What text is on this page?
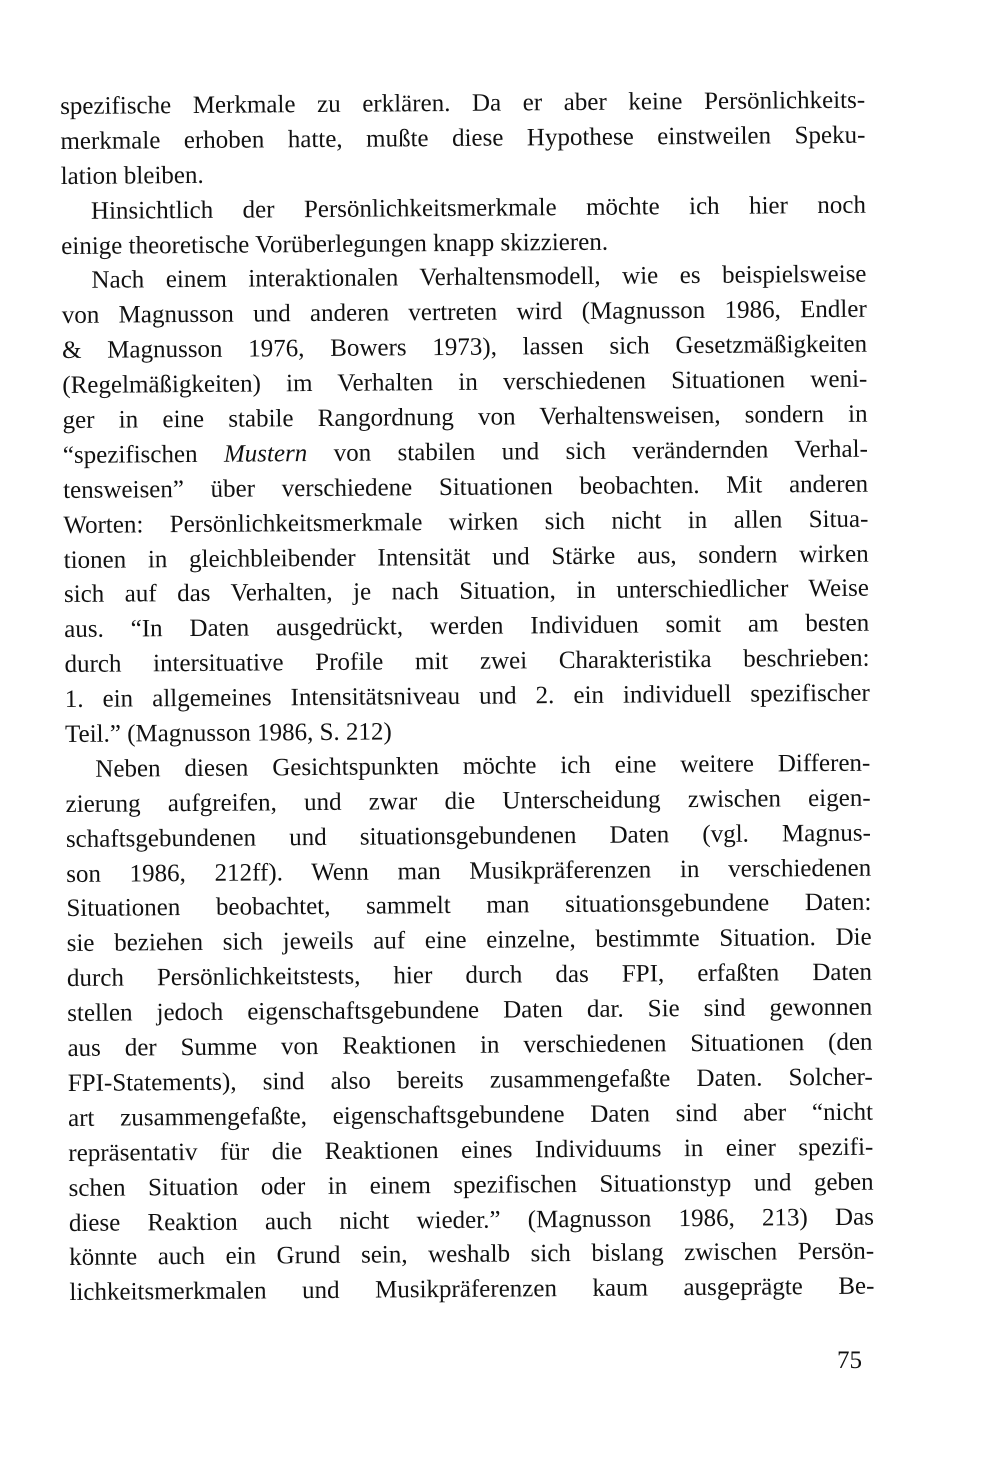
spezifische Merkmale zu erklären. Da er aber keine Persönlichkeits-
merkmale erhoben hatte, mußte diese Hypothese einstweilen Speku-
lation bleiben.
Hinsichtlich der Persönlichkeitsmerkmale möchte ich hier noch
einige theoretische Vorüberlegungen knapp skizzieren.
Nach einem interaktionalen Verhaltensmodell, wie es beispielsweise
von Magnusson und anderen vertreten wird (Magnusson 1986, Endler
& Magnusson 1976, Bowers 1973), lassen sich Gesetzmäßigkeiten
(Regelmäßigkeiten) im Verhalten in verschiedenen Situationen weni-
ger in eine stabile Rangordnung von Verhaltensweisen, sondern in
“spezifischen Mustern von stabilen und sich verändernden Verhal-
tensweisen” über verschiedene Situationen beobachten. Mit anderen
Worten: Persönlichkeitsmerkmale wirken sich nicht in allen Situa-
tionen in gleichbleibender Intensität und Stärke aus, sondern wirken
sich auf das Verhalten, je nach Situation, in unterschiedlicher Weise
aus. “In Daten ausgedrückt, werden Individuen somit am besten
durch intersituative Profile mit zwei Charakteristika beschrieben:
1. ein allgemeines Intensitätsniveau und 2. ein individuell spezifischer
Teil.” (Magnusson 1986, S. 212)
Neben diesen Gesichtspunkten möchte ich eine weitere Differen-
zierung aufgreifen, und zwar die Unterscheidung zwischen eigen-
schaftsgebundenen und situationsgebundenen Daten (vgl. Magnus-
son 1986, 212ff). Wenn man Musikpräferenzen in verschiedenen
Situationen beobachtet, sammelt man situationsgebundene Daten:
sie beziehen sich jeweils auf eine einzelne, bestimmte Situation. Die
durch Persönlichkeitstests, hier durch das FPI, erfaßten Daten
stellen jedoch eigenschaftsgebundene Daten dar. Sie sind gewonnen
aus der Summe von Reaktionen in verschiedenen Situationen (den
FPI-Statements), sind also bereits zusammengefaßte Daten. Solcher-
art zusammengefaßte, eigenschaftsgebundene Daten sind aber “nicht
repräsentativ für die Reaktionen eines Individuums in einer spezifi-
schen Situation oder in einem spezifischen Situationstyp und geben
diese Reaktion auch nicht wieder.” (Magnusson 1986, 213) Das
könnte auch ein Grund sein, weshalb sich bislang zwischen Persön-
lichkeitsmerkmalen und Musikpräferenzen kaum ausgeprägte Be-
75
